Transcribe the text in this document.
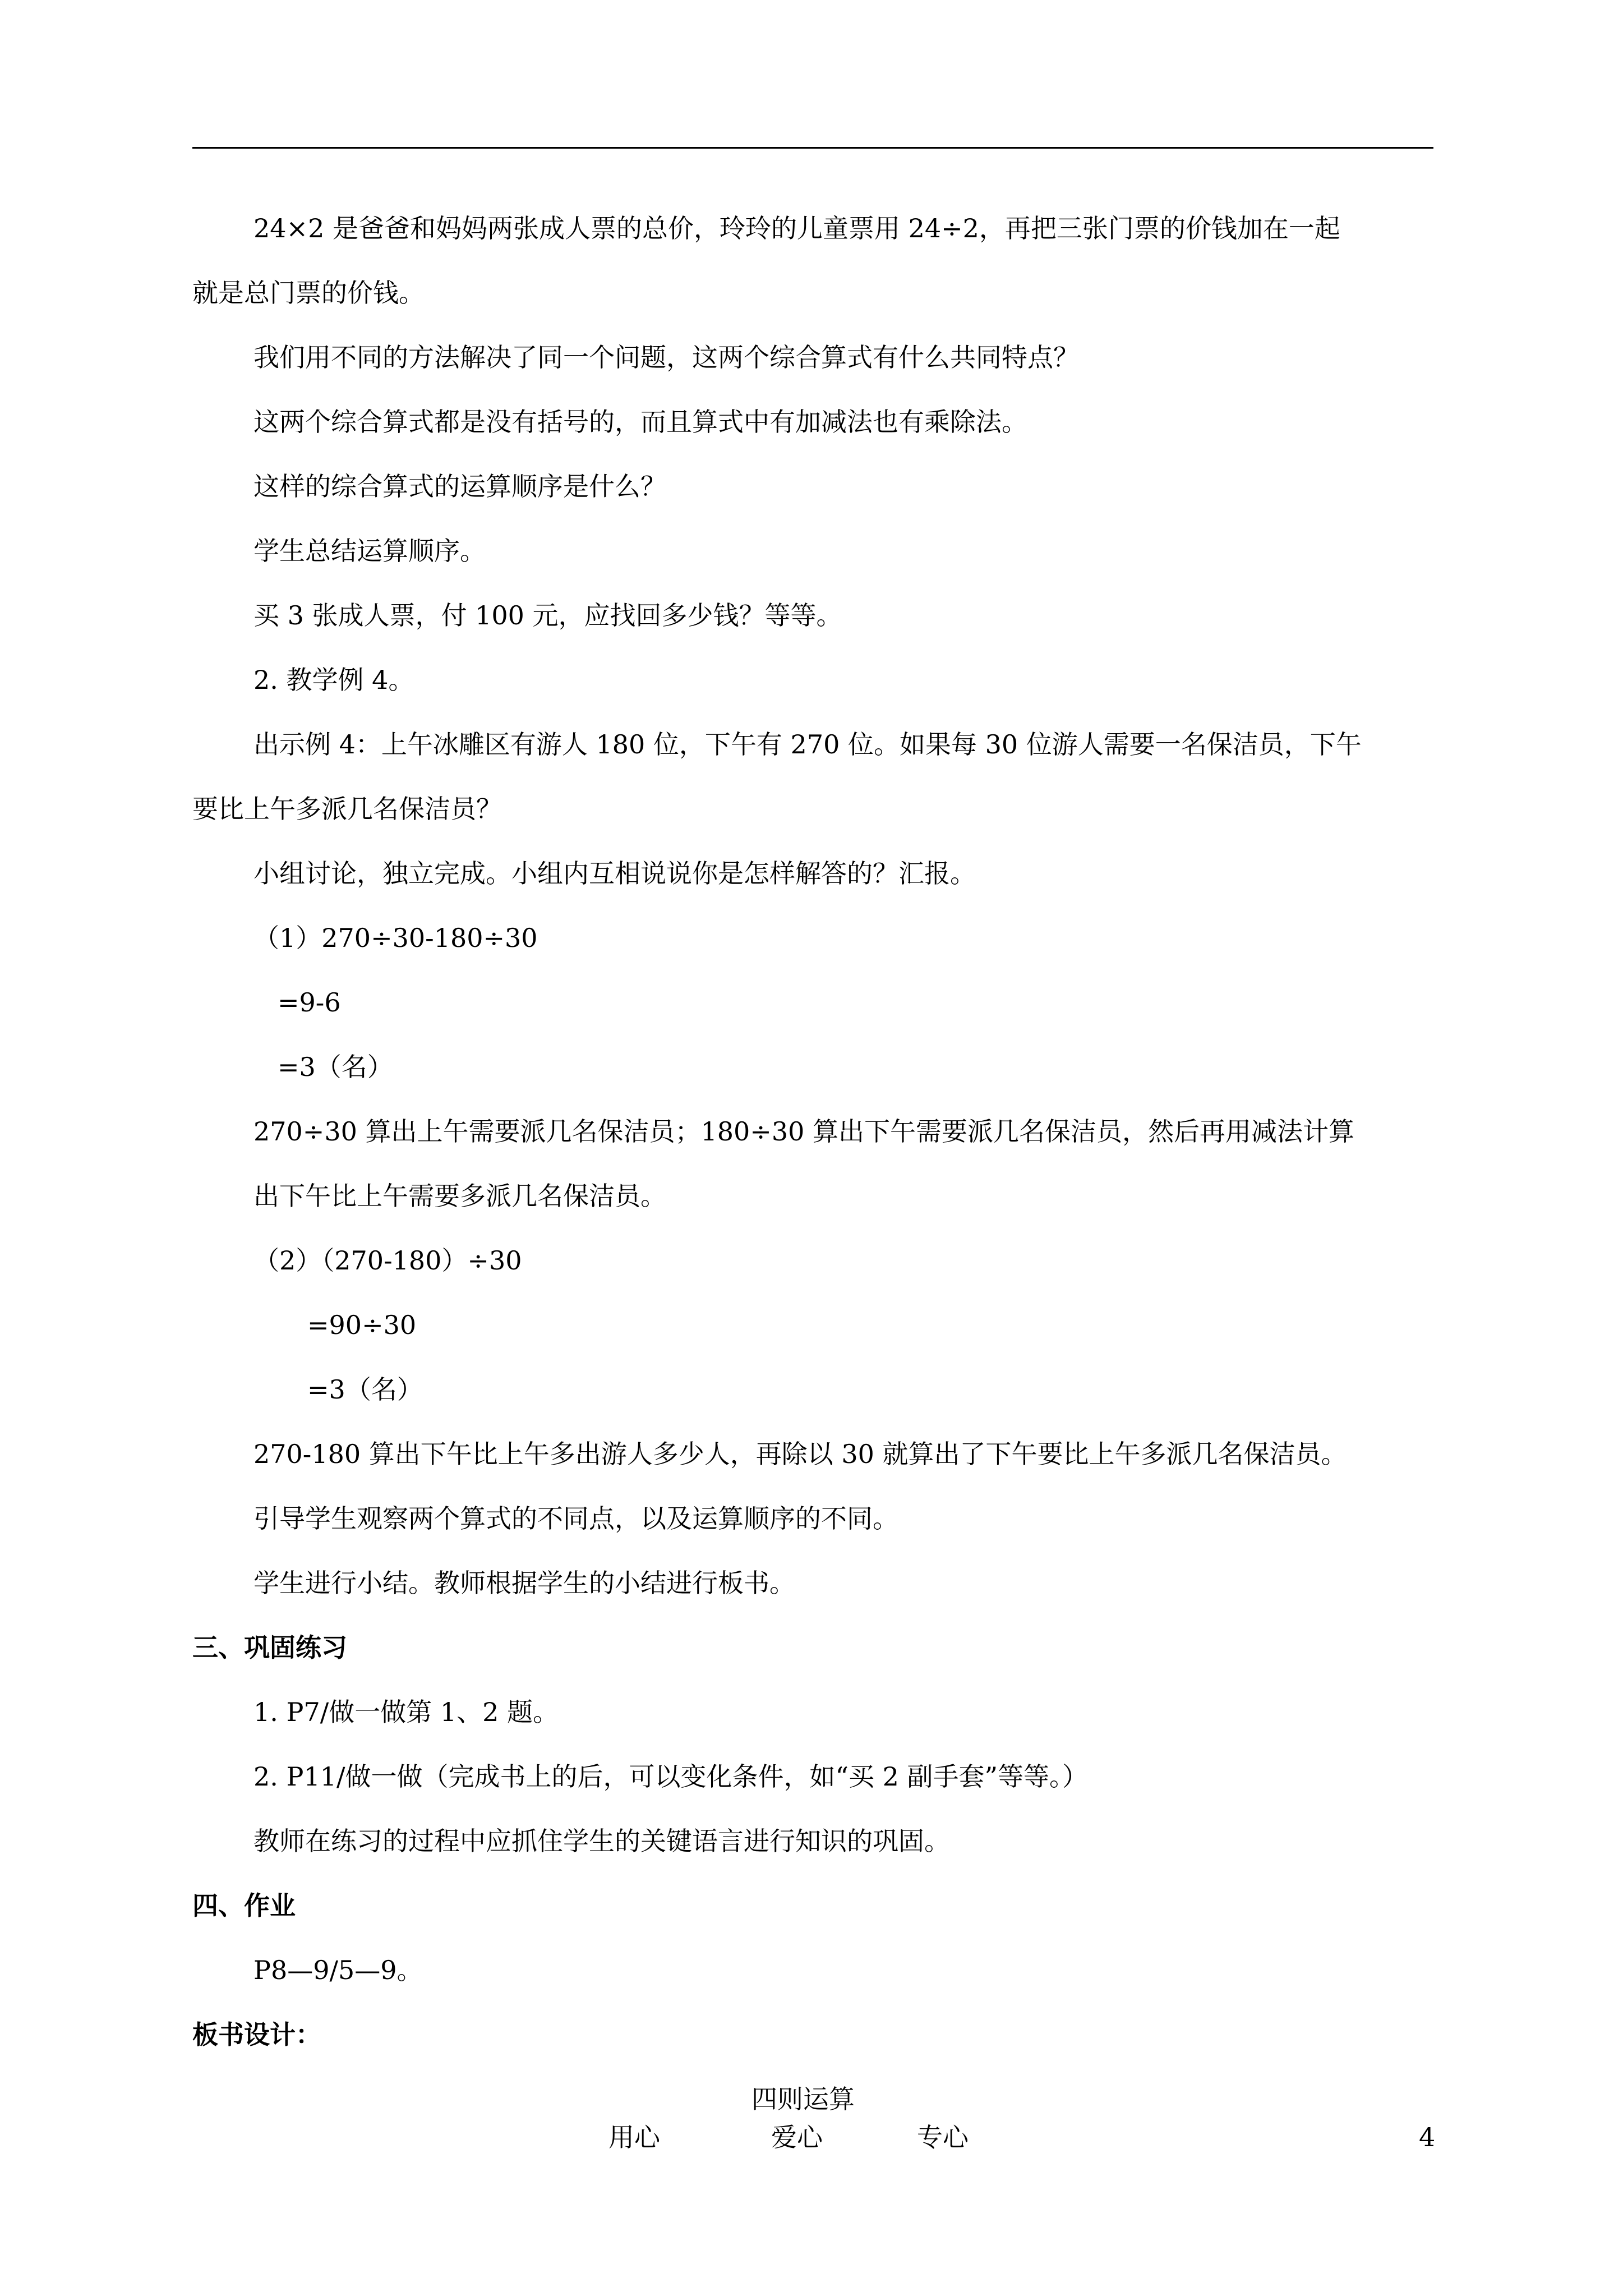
24×2 是爸爸和妈妈两张成人票的总价，玲玲的儿童票用 24÷2，再把三张门票的价钱加在一起
就是总门票的价钱。
我们用不同的方法解决了同一个问题，这两个综合算式有什么共同特点？
这两个综合算式都是没有括号的，而且算式中有加减法也有乘除法。
这样的综合算式的运算顺序是什么？
学生总结运算顺序。
买 3 张成人票，付 100 元，应找回多少钱？等等。
2. 教学例 4。
出示例 4：上午冰雕区有游人 180 位，下午有 270 位。如果每 30 位游人需要一名保洁员，下午
要比上午多派几名保洁员？
小组讨论，独立完成。小组内互相说说你是怎样解答的？汇报。
（1）270÷30-180÷30
=9-6
=3（名）
270÷30 算出上午需要派几名保洁员；180÷30 算出下午需要派几名保洁员，然后再用减法计算
出下午比上午需要多派几名保洁员。
（2）（270-180）÷30
=90÷30
=3（名）
270-180 算出下午比上午多出游人多少人，再除以 30 就算出了下午要比上午多派几名保洁员。
引导学生观察两个算式的不同点，以及运算顺序的不同。
学生进行小结。教师根据学生的小结进行板书。
三、巩固练习
1. P7/做一做第 1、2 题。
2. P11/做一做（完成书上的后，可以变化条件，如“买 2 副手套”等等。）
教师在练习的过程中应抓住学生的关键语言进行知识的巩固。
四、作业
P8—9/5—9。
板书设计：
四则运算
用心	爱心	专心	4
